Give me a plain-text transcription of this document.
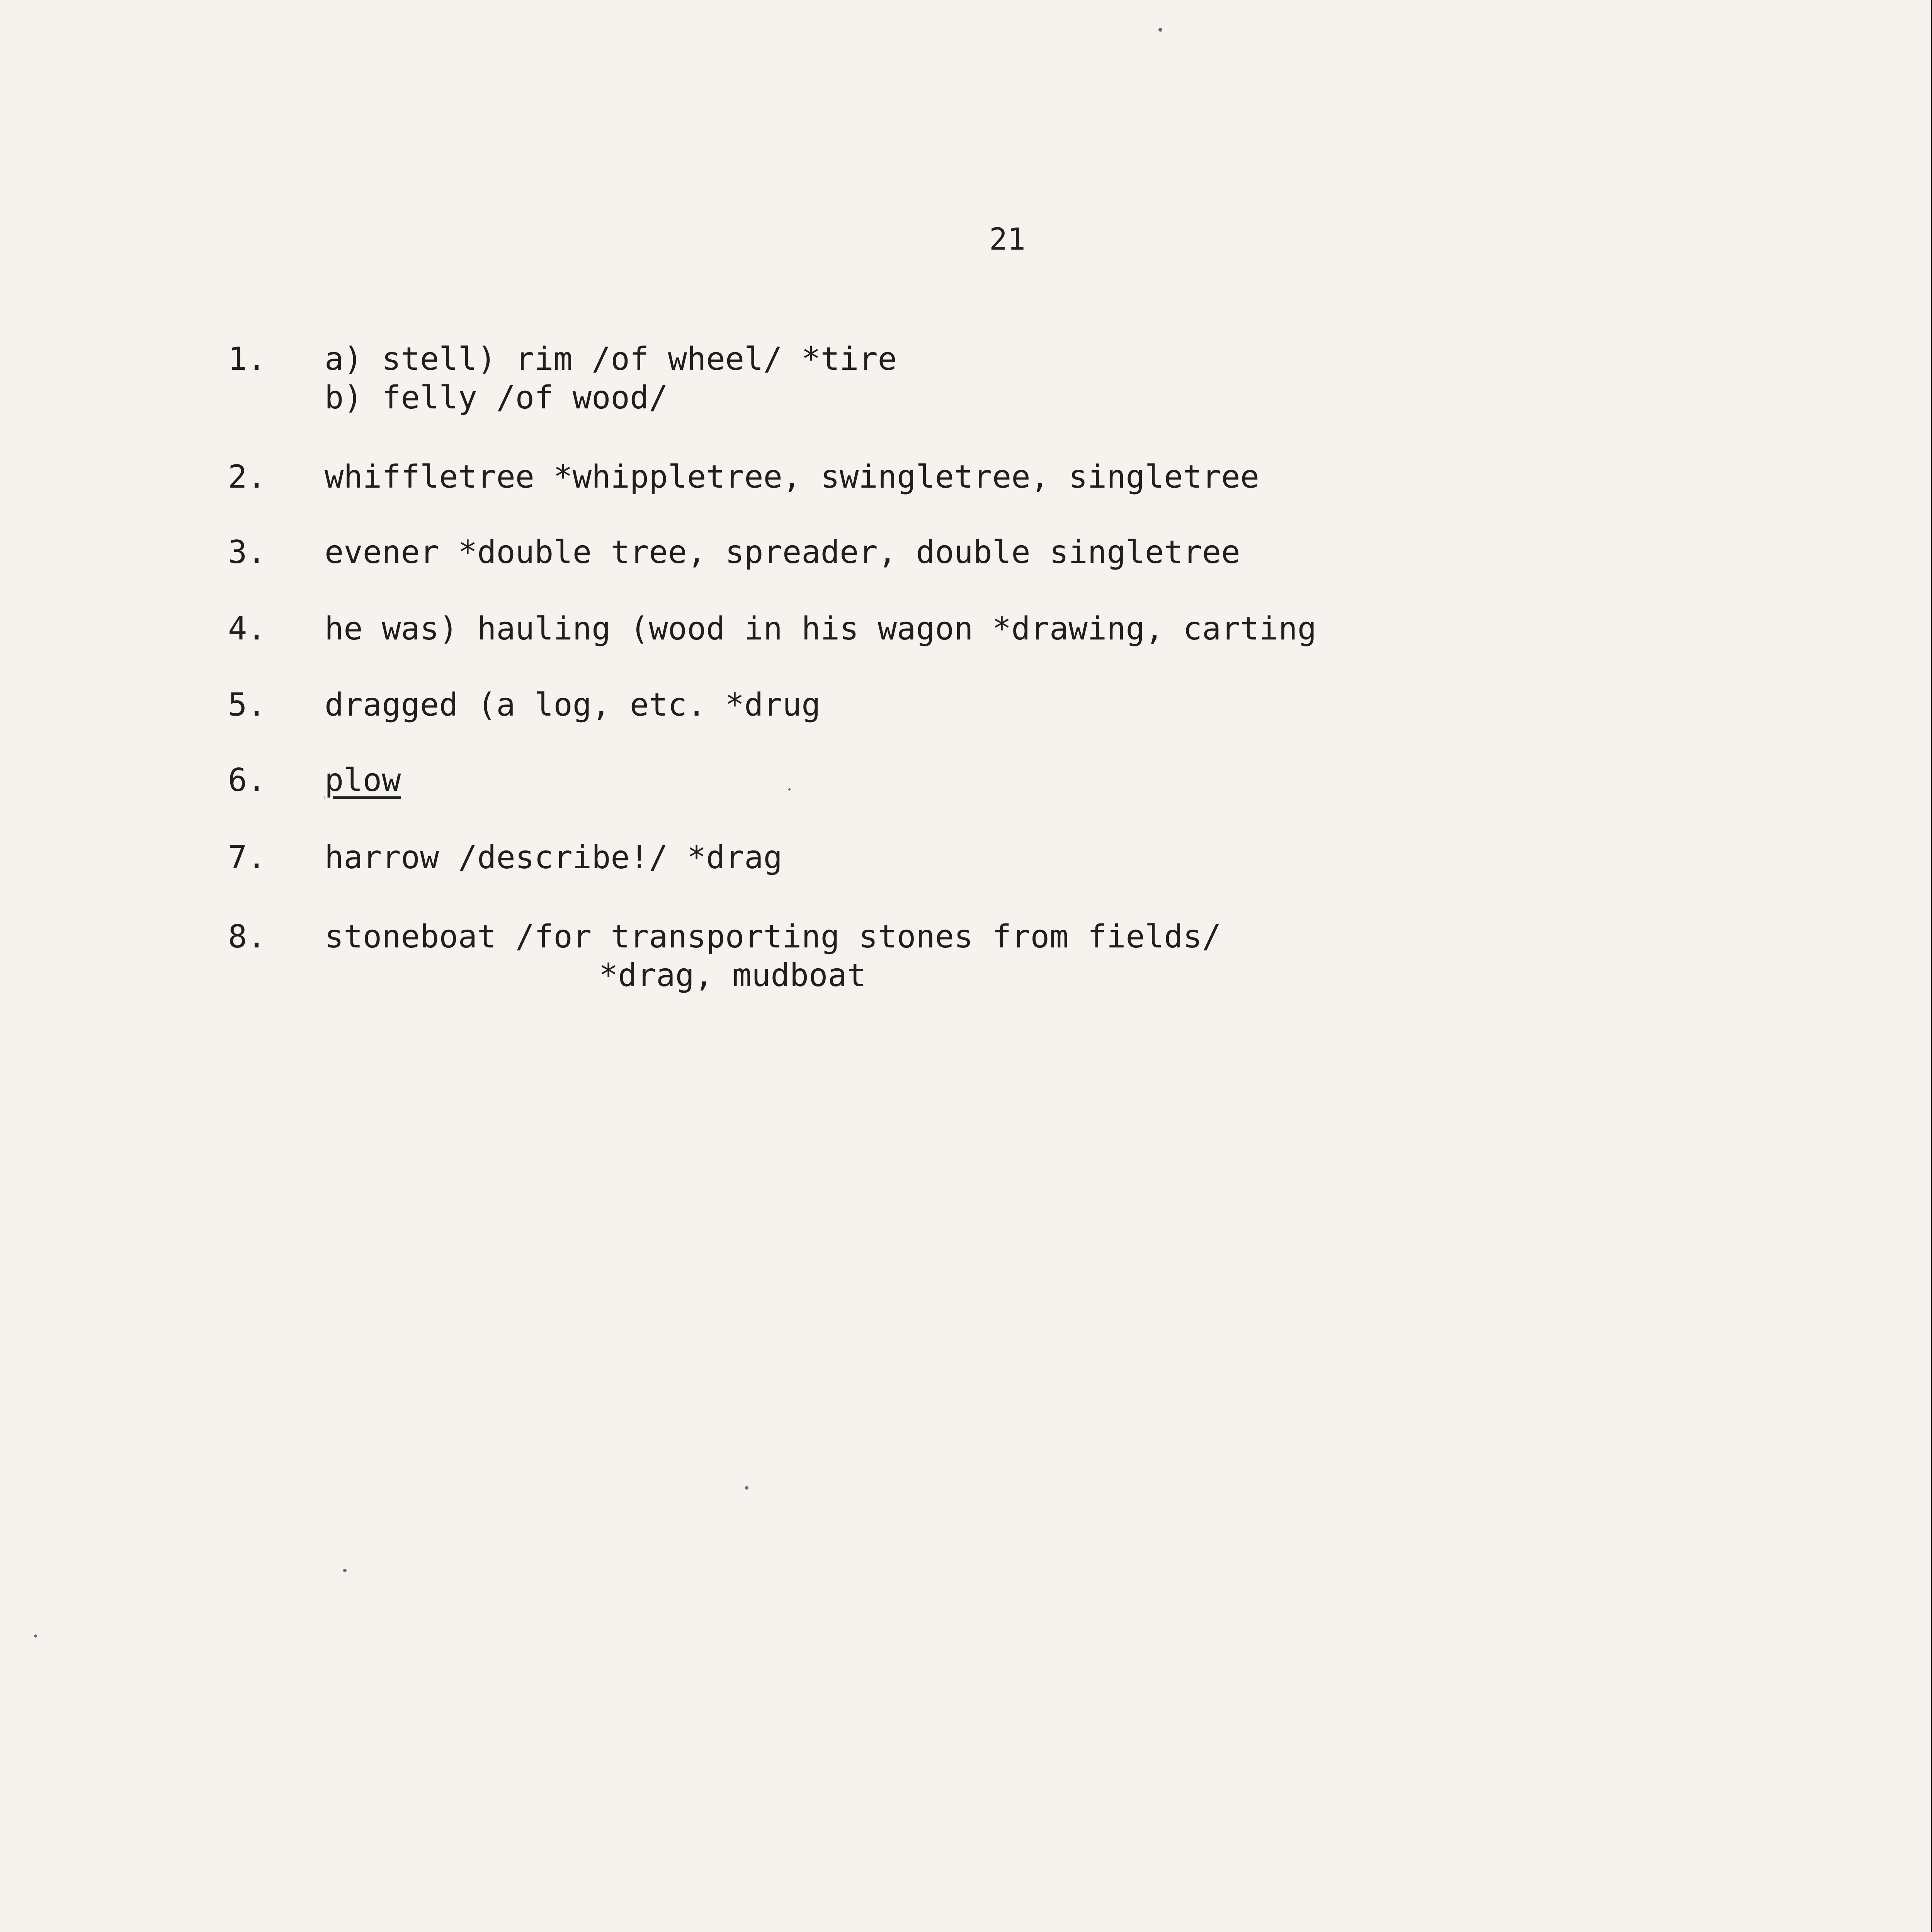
21
1. a) stell) rim /of wheel/ *tire
b) felly /of wood/
2. whiffletree *whippletree, swingletree, singletree
3. evener *double tree, spreader, double singletree
4. he was) hauling (wood in his wagon *drawing, carting
5. dragged (a log, etc. *drug
6. plow
7. harrow /describe!/ *drag
8. stoneboat /for transporting stones from fields/
*drag, mudboat
